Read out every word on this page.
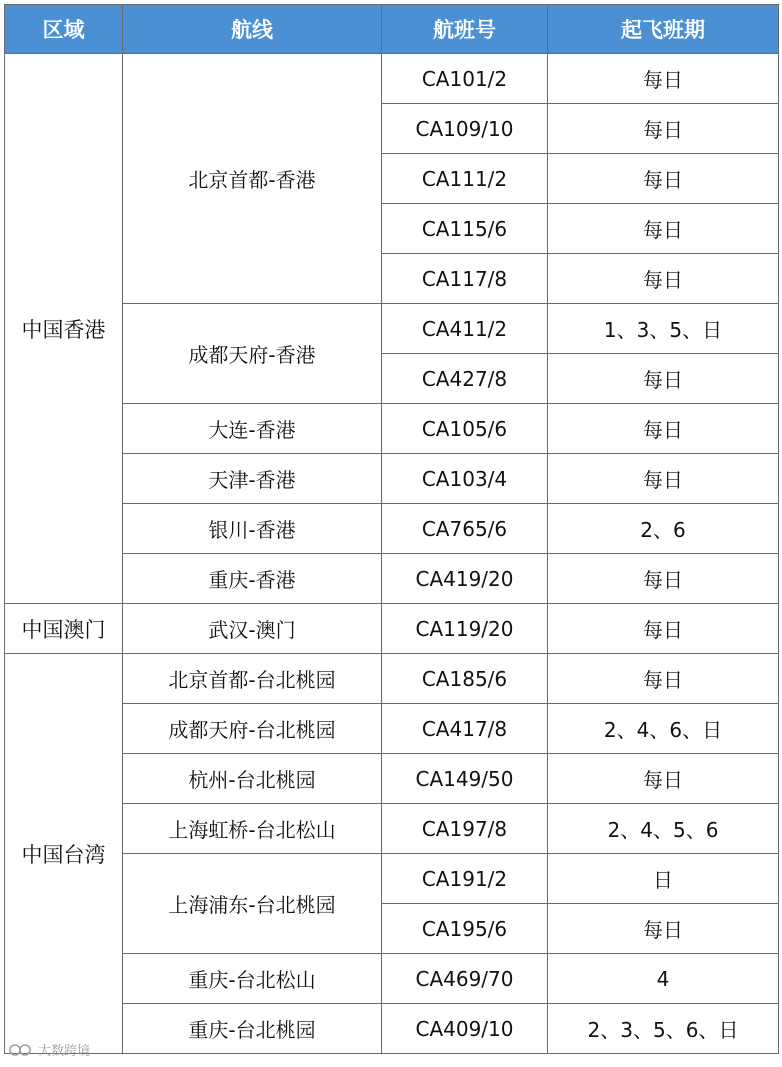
区域	航线	航班号	起飞班期
中国香港	北京首都-香港	CA101/2	每日
		CA109/10	每日
		CA111/2	每日
		CA115/6	每日
		CA117/8	每日
	成都天府-香港	CA411/2	1、3、5、日
		CA427/8	每日
	大连-香港	CA105/6	每日
	天津-香港	CA103/4	每日
	银川-香港	CA765/6	2、6
	重庆-香港	CA419/20	每日
中国澳门	武汉-澳门	CA119/20	每日
中国台湾	北京首都-台北桃园	CA185/6	每日
	成都天府-台北桃园	CA417/8	2、4、6、日
	杭州-台北桃园	CA149/50	每日
	上海虹桥-台北松山	CA197/8	2、4、5、6
	上海浦东-台北桃园	CA191/2	日
		CA195/6	每日
	重庆-台北松山	CA469/70	4
	重庆-台北桃园	CA409/10	2、3、5、6、日
大数跨境
